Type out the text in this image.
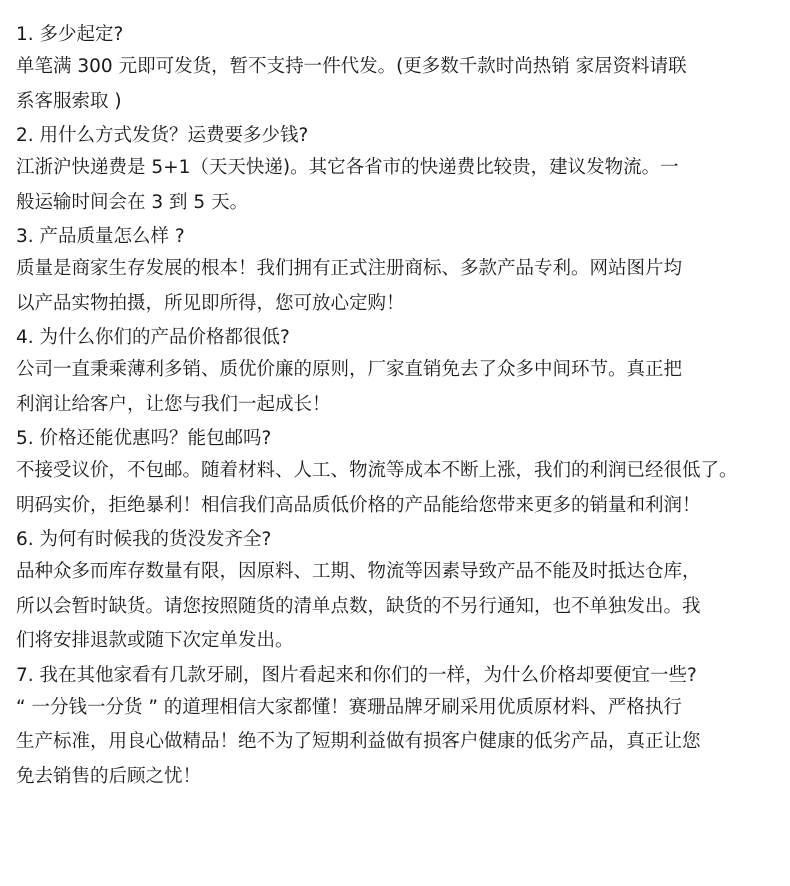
1. 多少起定?

单笔满 300 元即可发货，暂不支持一件代发。(更多数千款时尚热销 家居资料请联
系客服索取 )

2. 用什么方式发货？运费要多少钱?

江浙沪快递费是 5+1（天天快递)。其它各省市的快递费比较贵，建议发物流。一
般运输时间会在 3 到 5 天。

3. 产品质量怎么样 ?

质量是商家生存发展的根本！我们拥有正式注册商标、多款产品专利。网站图片均
以产品实物拍摄，所见即所得，您可放心定购！

4. 为什么你们的产品价格都很低?

公司一直秉乘薄利多销、质优价廉的原则，厂家直销免去了众多中间环节。真正把
利润让给客户，让您与我们一起成长！

5. 价格还能优惠吗？能包邮吗?

不接受议价，不包邮。随着材料、人工、物流等成本不断上涨，我们的利润已经很低了。
明码实价，拒绝暴利！相信我们高品质低价格的产品能给您带来更多的销量和利润！

6. 为何有时候我的货没发齐全?

品种众多而库存数量有限，因原料、工期、物流等因素导致产品不能及时抵达仓库，
所以会暂时缺货。请您按照随货的清单点数，缺货的不另行通知，也不单独发出。我
们将安排退款或随下次定单发出。

7. 我在其他家看有几款牙刷，图片看起来和你们的一样，为什么价格却要便宜一些?

“ 一分钱一分货 ” 的道理相信大家都懂！赛珊品牌牙刷采用优质原材料、严格执行
生产标准，用良心做精品！绝不为了短期利益做有损客户健康的低劣产品，真正让您
免去销售的后顾之忧！
